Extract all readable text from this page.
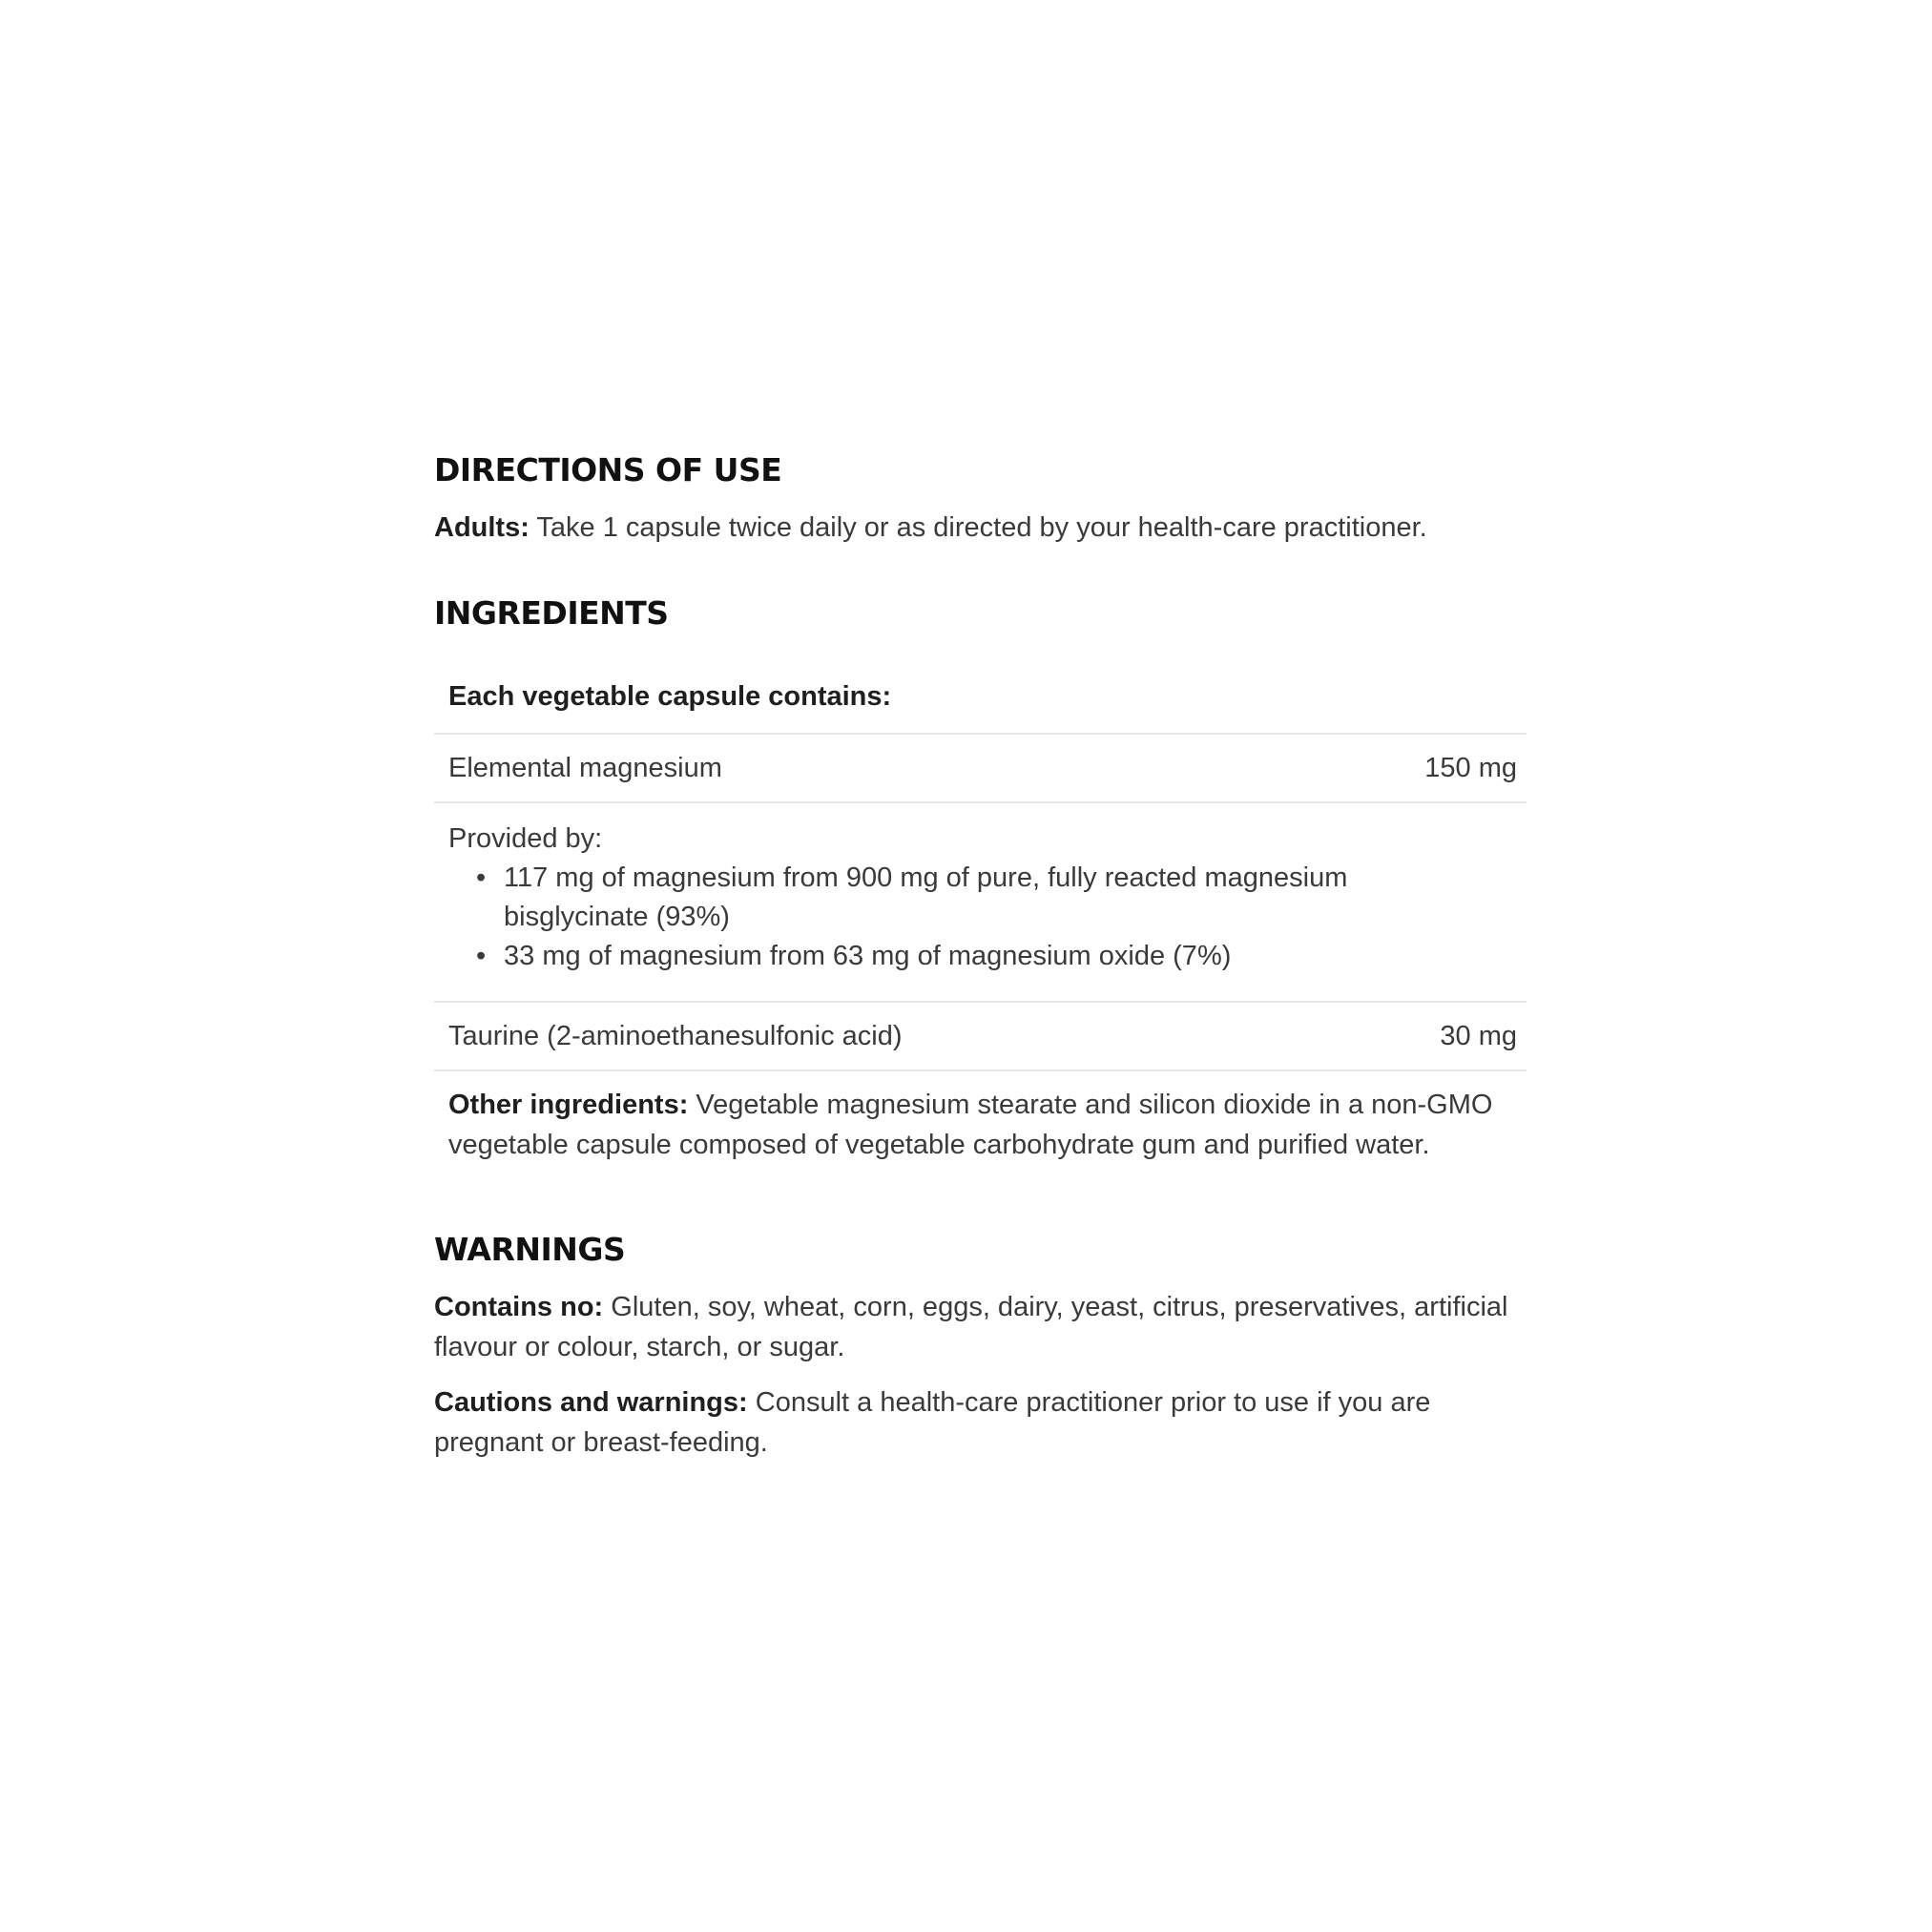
DIRECTIONS OF USE

Adults: Take 1 capsule twice daily or as directed by your health-care practitioner.

INGREDIENTS
Each vegetable capsule contains:
Elemental magnesium	150 mg
Provided by:
• 117 mg of magnesium from 900 mg of pure, fully reacted magnesium bisglycinate (93%)
• 33 mg of magnesium from 63 mg of magnesium oxide (7%)
Taurine (2-aminoethanesulfonic acid)	30 mg
Other ingredients: Vegetable magnesium stearate and silicon dioxide in a non-GMO vegetable capsule composed of vegetable carbohydrate gum and purified water.
WARNINGS

Contains no: Gluten, soy, wheat, corn, eggs, dairy, yeast, citrus, preservatives, artificial flavour or colour, starch, or sugar.

Cautions and warnings: Consult a health-care practitioner prior to use if you are pregnant or breast-feeding.
